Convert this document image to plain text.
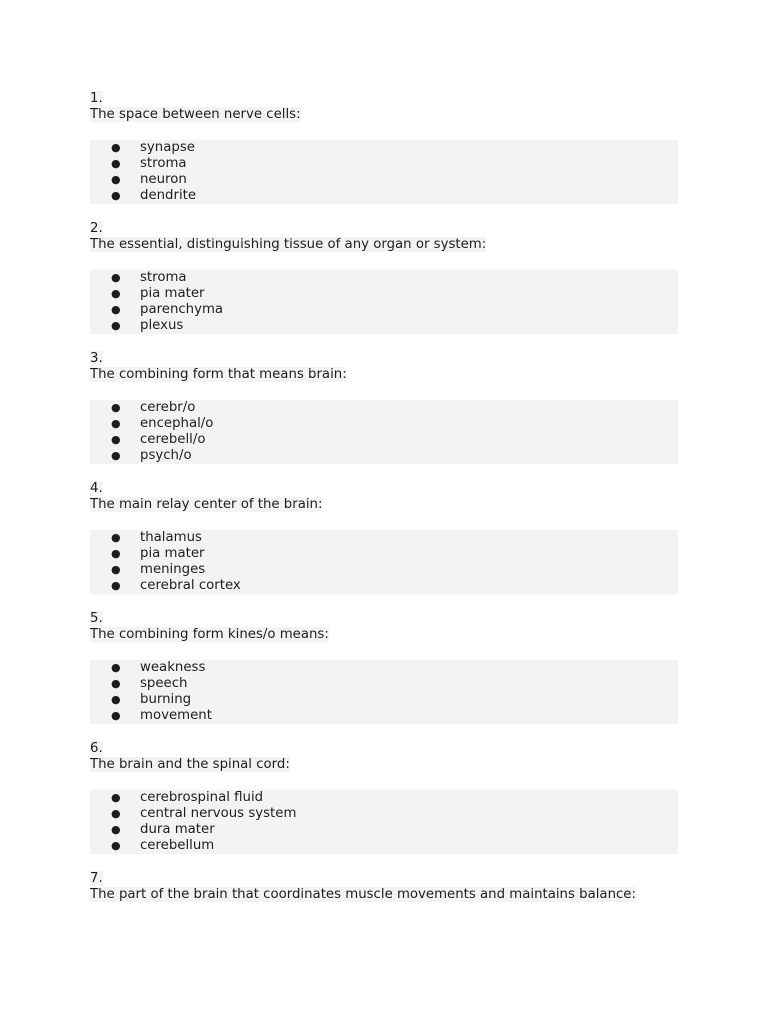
1.
The space between nerve cells:
● synapse
● stroma
● neuron
● dendrite
2.
The essential, distinguishing tissue of any organ or system:
● stroma
● pia mater
● parenchyma
● plexus
3.
The combining form that means brain:
● cerebr/o
● encephal/o
● cerebell/o
● psych/o
4.
The main relay center of the brain:
● thalamus
● pia mater
● meninges
● cerebral cortex
5.
The combining form kines/o means:
● weakness
● speech
● burning
● movement
6.
The brain and the spinal cord:
● cerebrospinal fluid
● central nervous system
● dura mater
● cerebellum
7.
The part of the brain that coordinates muscle movements and maintains balance:
